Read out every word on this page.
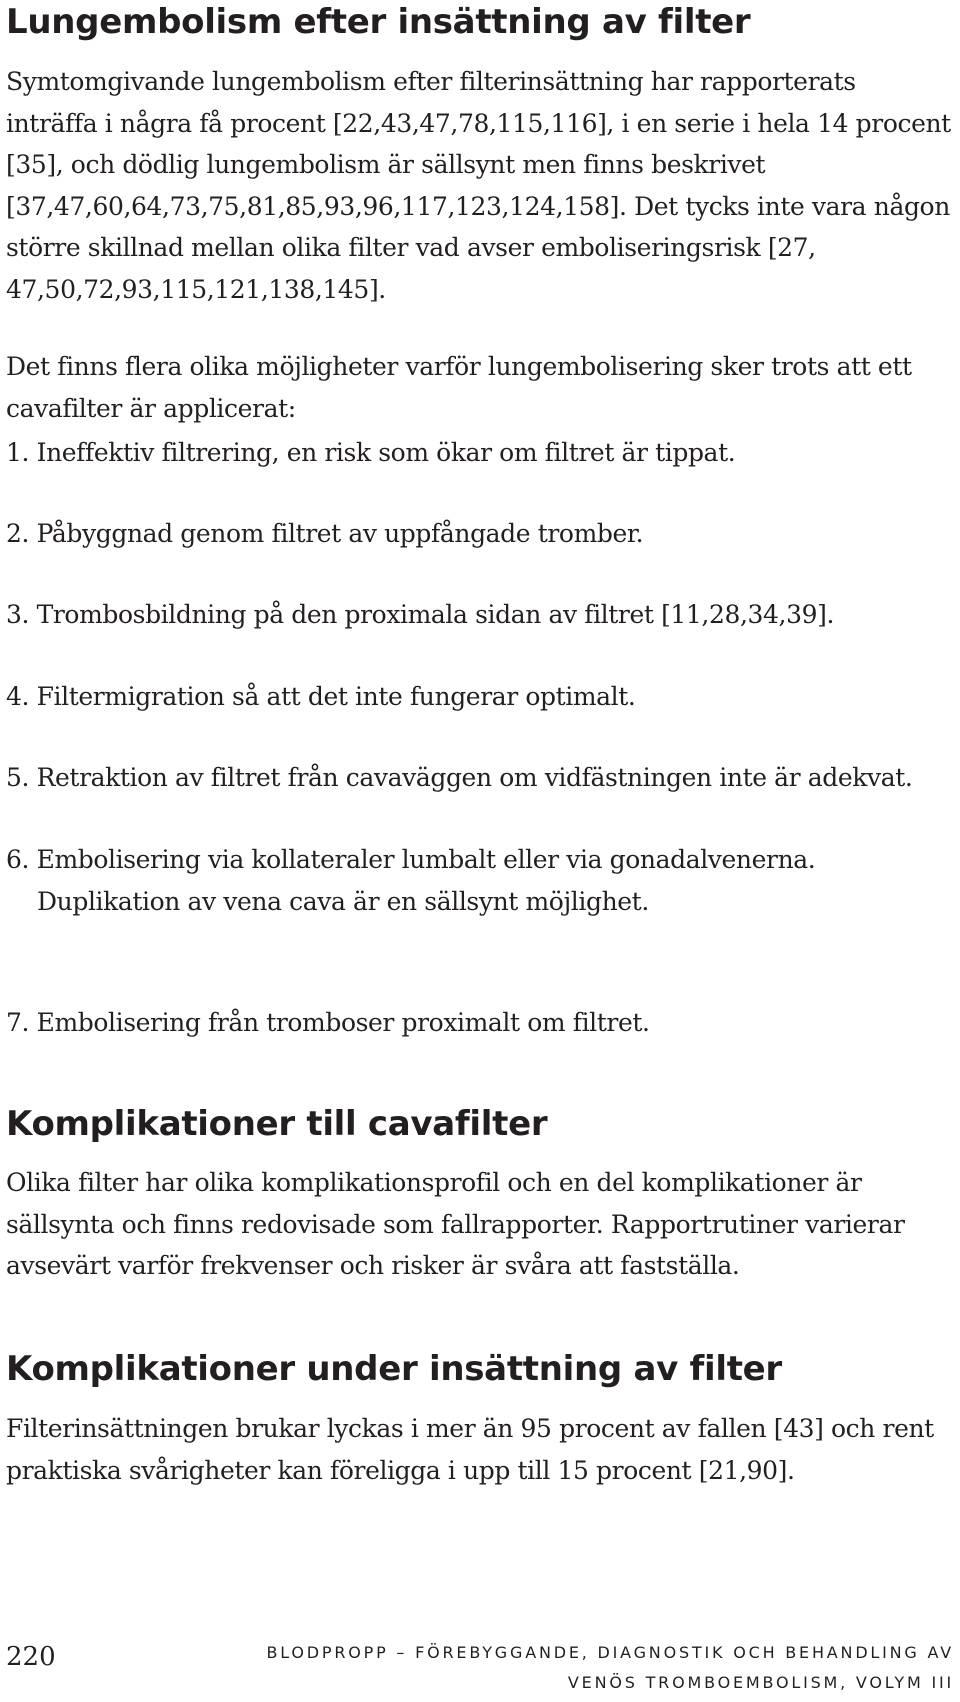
Lungembolism efter insättning av filter

Symtomgivande lungembolism efter filterinsättning har rapporterats inträffa i några få procent [22,43,47,78,115,116], i en serie i hela 14 procent [35], och dödlig lungembolism är sällsynt men finns beskrivet [37,47,60,64,73,75,81,85,93,96,117,123,124,158]. Det tycks inte vara någon större skillnad mellan olika filter vad avser emboliseringsrisk [27, 47,50,72,93,115,121,138,145].

Det finns flera olika möjligheter varför lungembolisering sker trots att ett cavafilter är applicerat:

1. Ineffektiv filtrering, en risk som ökar om filtret är tippat.
2. Påbyggnad genom filtret av uppfångade tromber.
3. Trombosbildning på den proximala sidan av filtret [11,28,34,39].
4. Filtermigration så att det inte fungerar optimalt.
5. Retraktion av filtret från cavaväggen om vidfästningen inte är adekvat.
6. Embolisering via kollateraler lumbalt eller via gonadalvenerna.
Duplikation av vena cava är en sällsynt möjlighet.
7. Embolisering från tromboser proximalt om filtret.
Komplikationer till cavafilter

Olika filter har olika komplikationsprofil och en del komplikationer är sällsynta och finns redovisade som fallrapporter. Rapportrutiner varierar avsevärt varför frekvenser och risker är svåra att fastställa.

Komplikationer under insättning av filter

Filterinsättningen brukar lyckas i mer än 95 procent av fallen [43] och rent praktiska svårigheter kan föreligga i upp till 15 procent [21,90].

220	BLODPROPP – FÖREBYGGANDE, DIAGNOSTIK OCH BEHANDLING AV
VENÖS TROMBOEMBOLISM, VOLYM III
